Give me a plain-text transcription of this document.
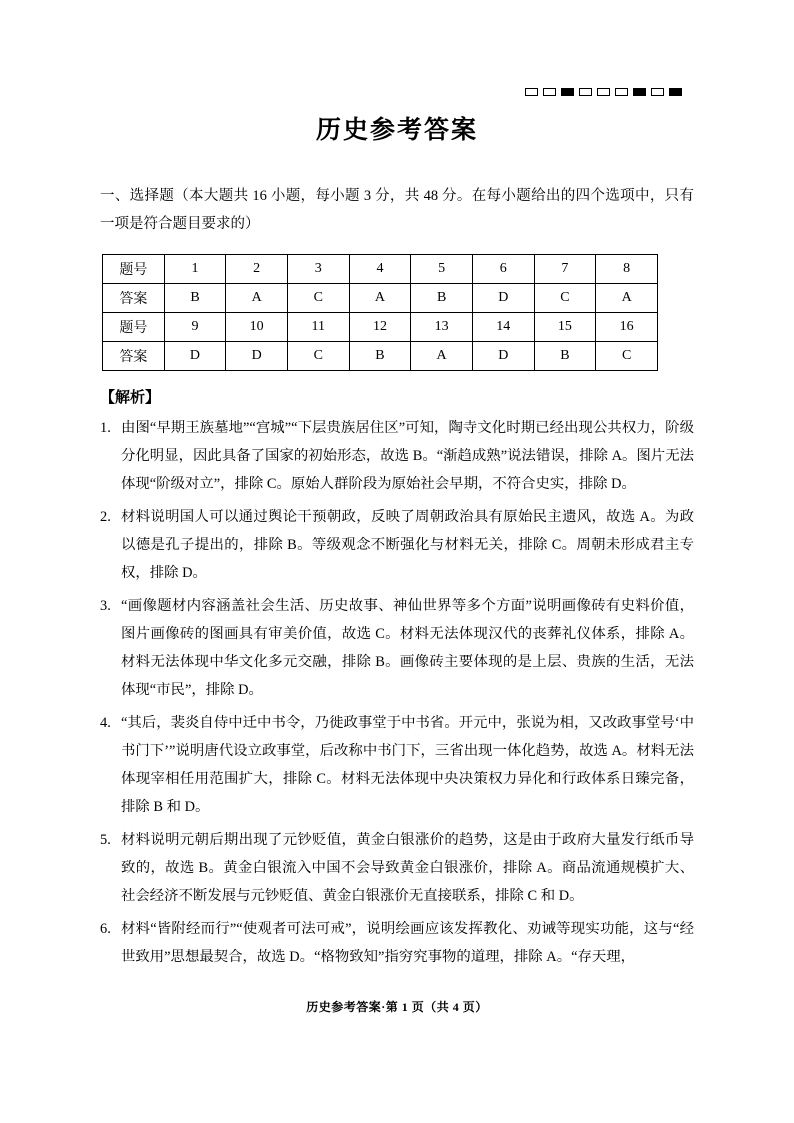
历史参考答案

一、选择题（本大题共 16 小题，每小题 3 分，共 48 分。在每小题给出的四个选项中，只有一项是符合题目要求的）

题号	1	2	3	4	5	6	7	8
答案	B	A	C	A	B	D	C	A
题号	9	10	11	12	13	14	15	16
答案	D	D	C	B	A	D	B	C

【解析】

1. 由图“早期王族墓地”“宫城”“下层贵族居住区”可知，陶寺文化时期已经出现公共权力，阶级分化明显，因此具备了国家的初始形态，故选 B。“渐趋成熟”说法错误，排除 A。图片无法体现“阶级对立”，排除 C。原始人群阶段为原始社会早期，不符合史实，排除 D。
2. 材料说明国人可以通过舆论干预朝政，反映了周朝政治具有原始民主遗风，故选 A。为政以德是孔子提出的，排除 B。等级观念不断强化与材料无关，排除 C。周朝未形成君主专权，排除 D。
3. “画像题材内容涵盖社会生活、历史故事、神仙世界等多个方面”说明画像砖有史料价值，图片画像砖的图画具有审美价值，故选 C。材料无法体现汉代的丧葬礼仪体系，排除 A。材料无法体现中华文化多元交融，排除 B。画像砖主要体现的是上层、贵族的生活，无法体现“市民”，排除 D。
4. “其后，裴炎自侍中迁中书令，乃徙政事堂于中书省。开元中，张说为相，又改政事堂号‘中书门下’”说明唐代设立政事堂，后改称中书门下，三省出现一体化趋势，故选 A。材料无法体现宰相任用范围扩大，排除 C。材料无法体现中央决策权力异化和行政体系日臻完备，排除 B 和 D。
5. 材料说明元朝后期出现了元钞贬值，黄金白银涨价的趋势，这是由于政府大量发行纸币导致的，故选 B。黄金白银流入中国不会导致黄金白银涨价，排除 A。商品流通规模扩大、社会经济不断发展与元钞贬值、黄金白银涨价无直接联系，排除 C 和 D。
6. 材料“皆附经而行”“使观者可法可戒”，说明绘画应该发挥教化、劝诫等现实功能，这与“经世致用”思想最契合，故选 D。“格物致知”指穷究事物的道理，排除 A。“存天理，
历史参考答案·第 1 页（共 4 页）
